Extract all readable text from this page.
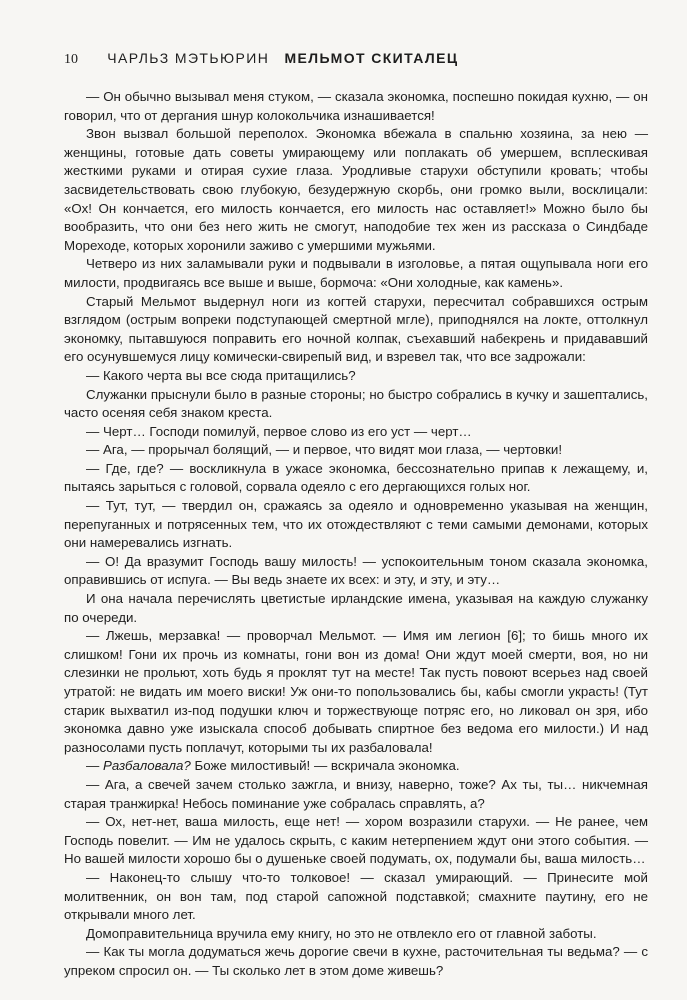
10 ЧАРЛЬЗ МЭТЬЮРИН МЕЛЬМОТ СКИТАЛЕЦ

— Он обычно вызывал меня стуком, — сказала экономка, поспешно покидая кухню, — он говорил, что от дергания шнур колокольчика изнашивается!

Звон вызвал большой переполох. Экономка вбежала в спальню хозяина, за нею — женщины, готовые дать советы умирающему или поплакать об умершем, всплескивая жесткими руками и отирая сухие глаза. Уродливые старухи обступили кровать; чтобы засвидетельствовать свою глубокую, безудержную скорбь, они громко выли, восклицали: «Ох! Он кончается, его милость кончается, его милость нас оставляет!» Можно было бы вообразить, что они без него жить не смогут, наподобие тех жен из рассказа о Синдбаде Мореходе, которых хоронили заживо с умершими мужьями.

Четверо из них заламывали руки и подвывали в изголовье, а пятая ощупывала ноги его милости, продвигаясь все выше и выше, бормоча: «Они холодные, как камень».

Старый Мельмот выдернул ноги из когтей старухи, пересчитал собравшихся острым взглядом (острым вопреки подступающей смертной мгле), приподнялся на локте, оттолкнул экономку, пытавшуюся поправить его ночной колпак, съехавший набекрень и придававший его осунувшемуся лицу комически-свирепый вид, и взревел так, что все задрожали:

— Какого черта вы все сюда притащились?

Служанки прыснули было в разные стороны; но быстро собрались в кучку и зашептались, часто осеняя себя знаком креста.

— Черт… Господи помилуй, первое слово из его уст — черт…

— Ага, — прорычал болящий, — и первое, что видят мои глаза, — чертовки!

— Где, где? — воскликнула в ужасе экономка, бессознательно припав к лежащему, и, пытаясь зарыться с головой, сорвала одеяло с его дергающихся голых ног.

— Тут, тут, — твердил он, сражаясь за одеяло и одновременно указывая на женщин, перепуганных и потрясенных тем, что их отождествляют с теми самыми демонами, которых они намеревались изгнать.

— О! Да вразумит Господь вашу милость! — успокоительным тоном сказала экономка, оправившись от испуга. — Вы ведь знаете их всех: и эту, и эту, и эту…

И она начала перечислять цветистые ирландские имена, указывая на каждую служанку по очереди.

— Лжешь, мерзавка! — проворчал Мельмот. — Имя им легион [6]; то бишь много их слишком! Гони их прочь из комнаты, гони вон из дома! Они ждут моей смерти, воя, но ни слезинки не прольют, хоть будь я проклят тут на месте! Так пусть повоют всерьез над своей утратой: не видать им моего виски! Уж они-то попользовались бы, кабы смогли украсть! (Тут старик выхватил из-под подушки ключ и торжествующе потряс его, но ликовал он зря, ибо экономка давно уже изыскала способ добывать спиртное без ведома его милости.) И над разносолами пусть поплачут, которыми ты их разбаловала!

— Разбаловала? Боже милостивый! — вскричала экономка.

— Ага, а свечей зачем столько зажгла, и внизу, наверно, тоже? Ах ты, ты… никчемная старая транжирка! Небось поминание уже собралась справлять, а?

— Ох, нет-нет, ваша милость, еще нет! — хором возразили старухи. — Не ранее, чем Господь повелит. — Им не удалось скрыть, с каким нетерпением ждут они этого события. — Но вашей милости хорошо бы о душеньке своей подумать, ох, подумали бы, ваша милость…

— Наконец-то слышу что-то толковое! — сказал умирающий. — Принесите мой молитвенник, он вон там, под старой сапожной подставкой; смахните паутину, его не открывали много лет.

Домоправительница вручила ему книгу, но это не отвлекло его от главной заботы.

— Как ты могла додуматься жечь дорогие свечи в кухне, расточительная ты ведьма? — с упреком спросил он. — Ты сколько лет в этом доме живешь?
